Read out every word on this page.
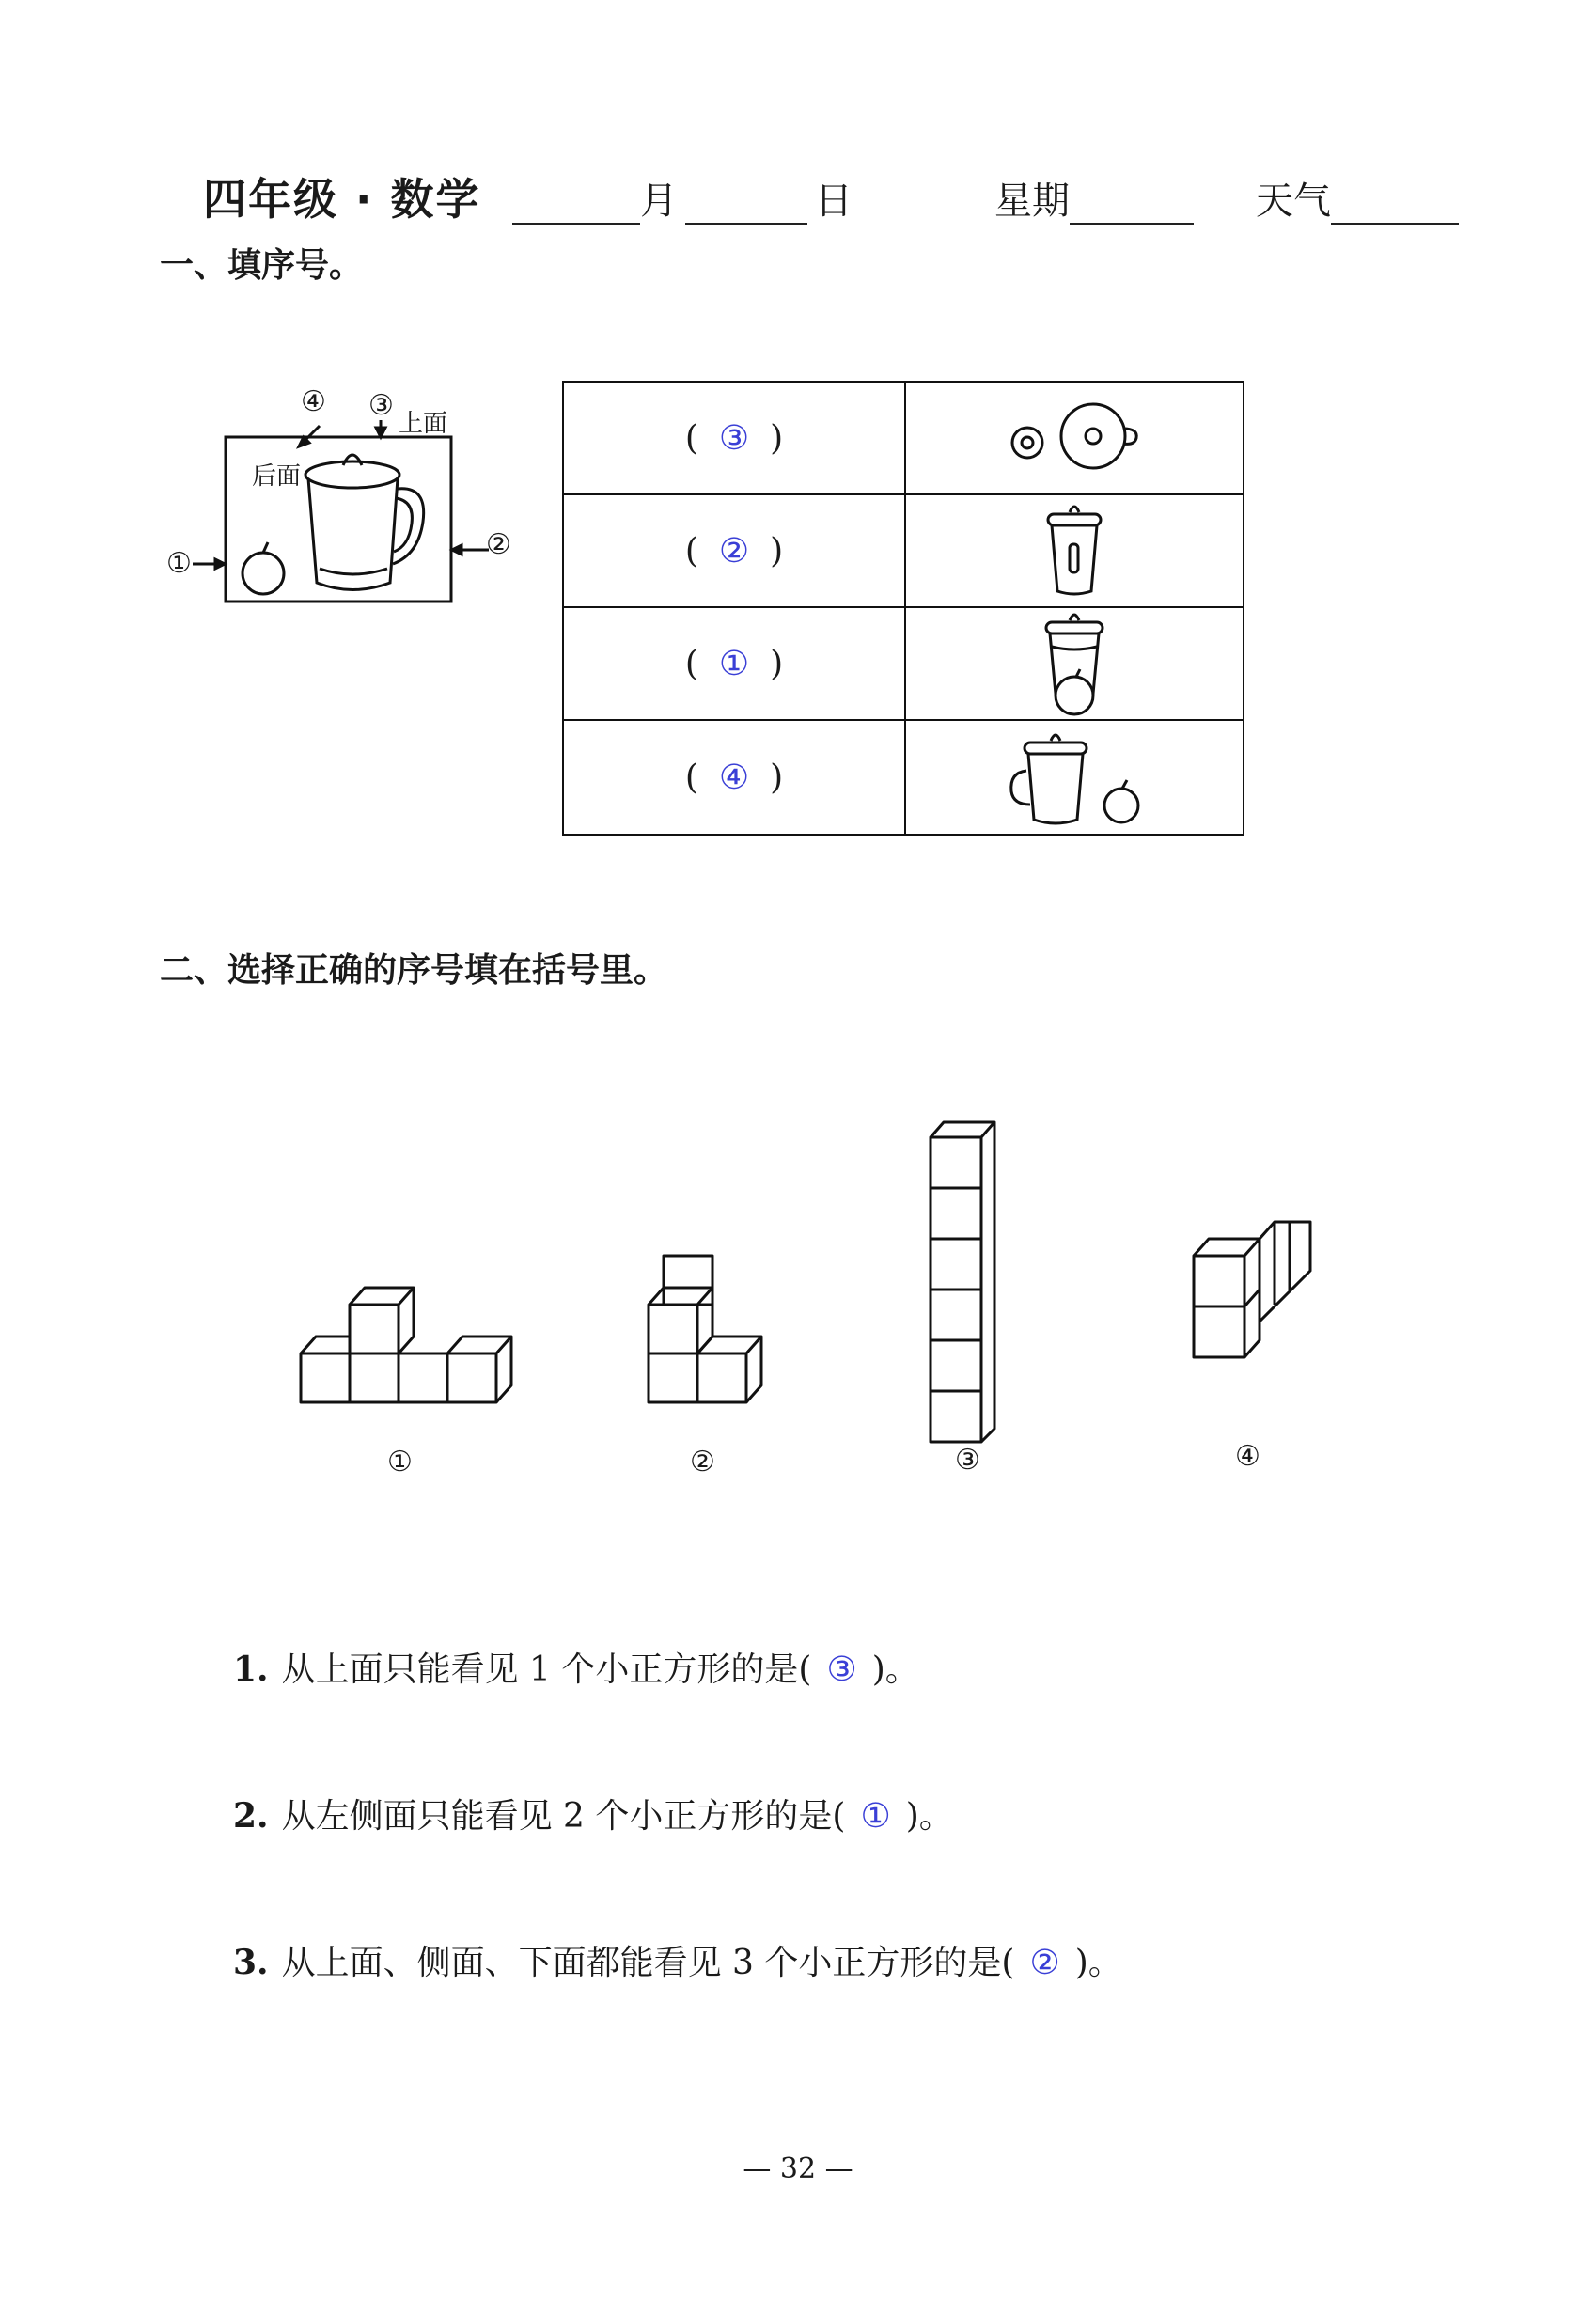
四年级 · 数学	月	日	星期	天气
一、填序号。
①
②
③
④
上面
后面
( ③ )
( ② )
( ① )
( ④ )
二、选择正确的序号填在括号里。
①	②	③	④
1. 从上面只能看见 1 个小正方形的是( ③ )。
2. 从左侧面只能看见 2 个小正方形的是( ① )。
3. 从上面、侧面、下面都能看见 3 个小正方形的是( ② )。
— 32 —
